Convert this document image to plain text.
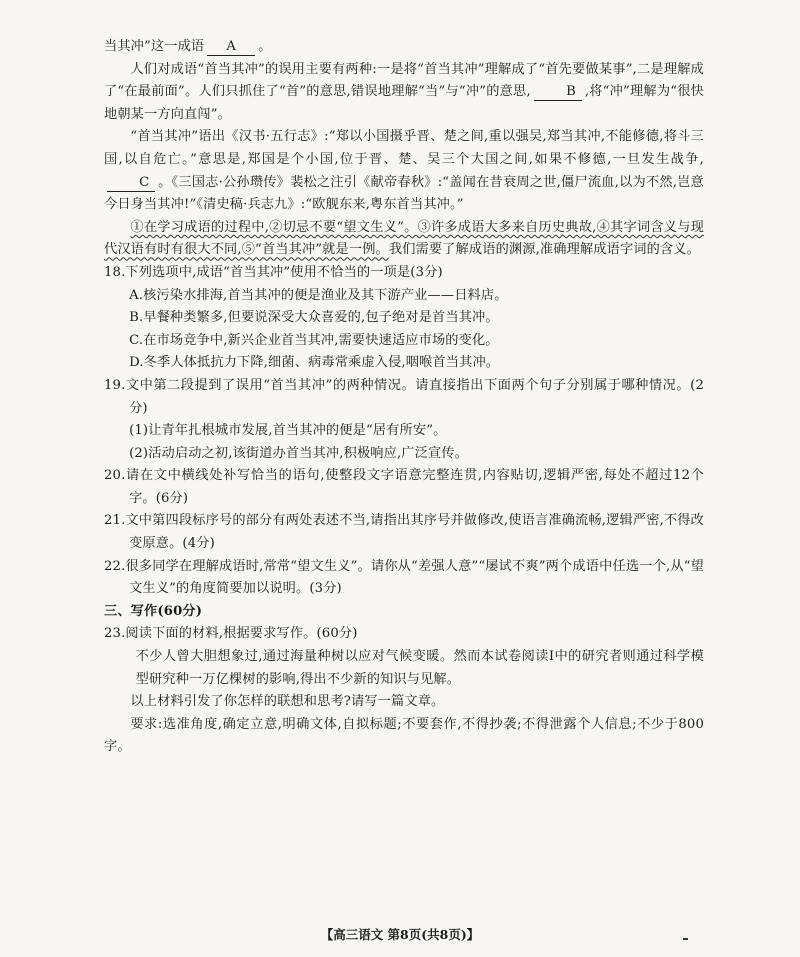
当其冲”这一成语 A 。

人们对成语“首当其冲”的误用主要有两种:一是将“首当其冲”理解成了“首先要做某事”,二是理解成了“在最前面”。人们只抓住了“首”的意思,错误地理解“当”与“冲”的意思,	B ,将“冲”理解为“很快地朝某一方向直闯”。

“首当其冲”语出《汉书·五行志》:“郑以小国摄乎晋、楚之间,重以强吴,郑当其冲,不能修德,将斗三国,以自危亡。”意思是,郑国是个小国,位于晋、楚、吴三个大国之间,如果不修德,一旦发生战争,C 。《三国志·公孙瓒传》裴松之注引《献帝春秋》:“盖闻在昔衰周之世,僵尸流血,以为不然,岂意今日身当其冲!”《清史稿·兵志九》:“欧舰东来,粤东首当其冲。”

①在学习成语的过程中,②切忌不要“望文生义”。③许多成语大多来自历史典故,④其字词含义与现代汉语有时有很大不同,⑤“首当其冲”就是一例。我们需要了解成语的渊源,准确理解成语字词的含义。

18.下列选项中,成语“首当其冲”使用不恰当的一项是(3分)

A.核污染水排海,首当其冲的便是渔业及其下游产业——日料店。

B.早餐种类繁多,但要说深受大众喜爱的,包子绝对是首当其冲。

C.在市场竞争中,新兴企业首当其冲,需要快速适应市场的变化。

D.冬季人体抵抗力下降,细菌、病毒常乘虚入侵,咽喉首当其冲。

19.文中第二段提到了误用“首当其冲”的两种情况。请直接指出下面两个句子分别属于哪种情况。(2分)

(1)让青年扎根城市发展,首当其冲的便是“居有所安”。

(2)活动启动之初,该街道办首当其冲,积极响应,广泛宣传。

20.请在文中横线处补写恰当的语句,使整段文字语意完整连贯,内容贴切,逻辑严密,每处不超过12个字。(6分)

21.文中第四段标序号的部分有两处表述不当,请指出其序号并做修改,使语言准确流畅,逻辑严密,不得改变原意。(4分)

22.很多同学在理解成语时,常常“望文生义”。请你从“差强人意”“屡试不爽”两个成语中任选一个,从“望文生义”的角度简要加以说明。(3分)

三、写作(60分)

23.阅读下面的材料,根据要求写作。(60分)

不少人曾大胆想象过,通过海量种树以应对气候变暖。然而本试卷阅读Ⅰ中的研究者则通过科学模型研究种一万亿棵树的影响,得出不少新的知识与见解。

以上材料引发了你怎样的联想和思考?请写一篇文章。

要求:选准角度,确定立意,明确文体,自拟标题;不要套作,不得抄袭;不得泄露个人信息;不少于800字。

【高三语文 第8页(共8页)】
